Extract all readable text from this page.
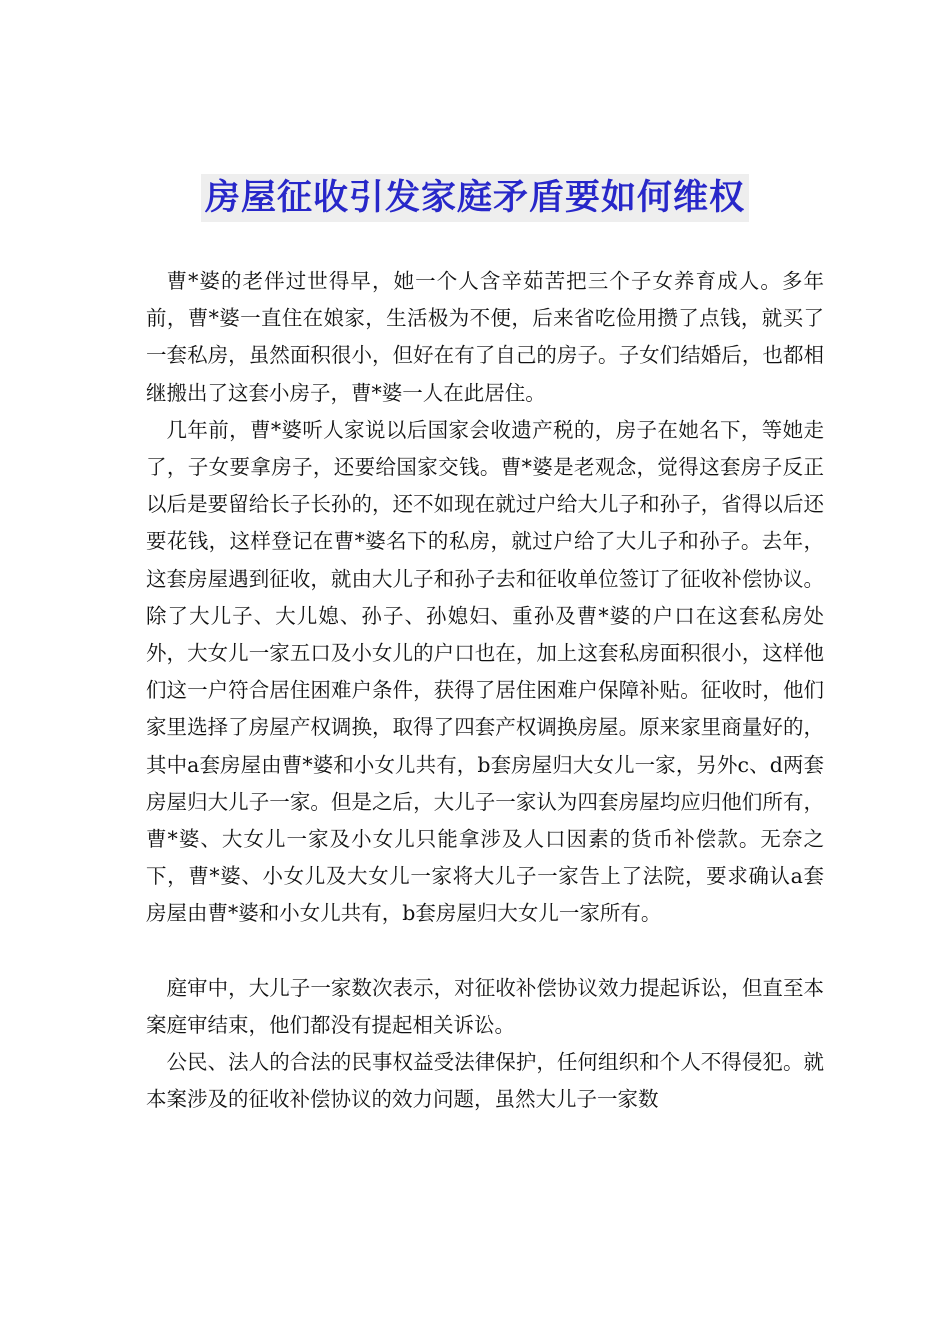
房屋征收引发家庭矛盾要如何维权

曹*婆的老伴过世得早，她一个人含辛茹苦把三个子女养育成人。多年前，曹*婆一直住在娘家，生活极为不便，后来省吃俭用攒了点钱，就买了一套私房，虽然面积很小，但好在有了自己的房子。子女们结婚后，也都相继搬出了这套小房子，曹*婆一人在此居住。

几年前，曹*婆听人家说以后国家会收遗产税的，房子在她名下，等她走了，子女要拿房子，还要给国家交钱。曹*婆是老观念，觉得这套房子反正以后是要留给长子长孙的，还不如现在就过户给大儿子和孙子，省得以后还要花钱，这样登记在曹*婆名下的私房，就过户给了大儿子和孙子。去年，这套房屋遇到征收，就由大儿子和孙子去和征收单位签订了征收补偿协议。除了大儿子、大儿媳、孙子、孙媳妇、重孙及曹*婆的户口在这套私房处外，大女儿一家五口及小女儿的户口也在，加上这套私房面积很小，这样他们这一户符合居住困难户条件，获得了居住困难户保障补贴。征收时，他们家里选择了房屋产权调换，取得了四套产权调换房屋。原来家里商量好的，其中a套房屋由曹*婆和小女儿共有，b套房屋归大女儿一家，另外c、d两套房屋归大儿子一家。但是之后，大儿子一家认为四套房屋均应归他们所有，曹*婆、大女儿一家及小女儿只能拿涉及人口因素的货币补偿款。无奈之下，曹*婆、小女儿及大女儿一家将大儿子一家告上了法院，要求确认a套房屋由曹*婆和小女儿共有，b套房屋归大女儿一家所有。

庭审中，大儿子一家数次表示，对征收补偿协议效力提起诉讼，但直至本案庭审结束，他们都没有提起相关诉讼。

公民、法人的合法的民事权益受法律保护，任何组织和个人不得侵犯。就本案涉及的征收补偿协议的效力问题，虽然大儿子一家数
